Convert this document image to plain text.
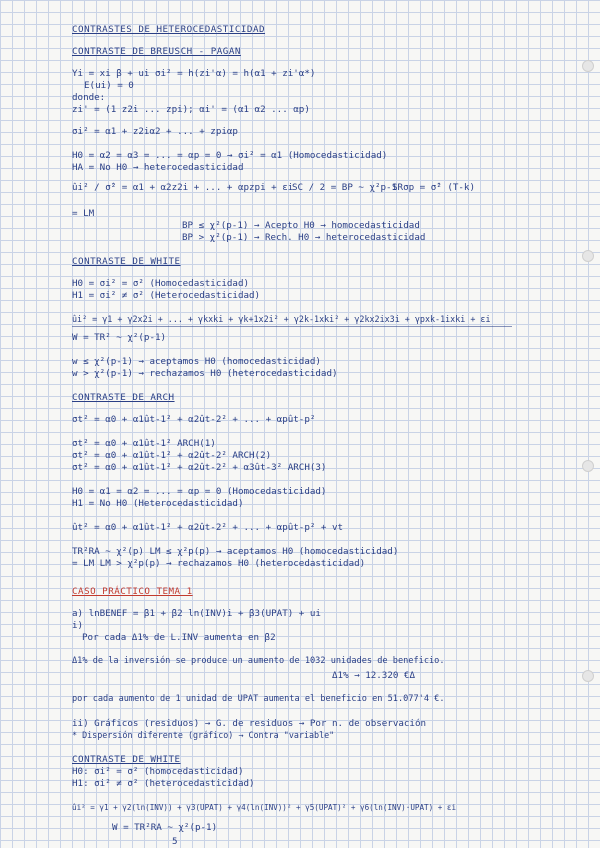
CONTRASTES DE HETEROCEDASTICIDAD
CONTRASTE DE BREUSCH - PAGAN
Yi = xi β + ui σi² = h(zi'α) = h(α1 + zi'α*)
E(ui) = 0
donde:
zi' = (1 z2i ... zpi); αi' = (α1 α2 ... αp)
σi² = α1 + z2iα2 + ... + zpiαp
H0 = α2 = α3 = ... = αp = 0 → σi² = α1 (Homocedasticidad)
HA = No H0 → heterocedasticidad
ûi² / σ̂² = α1 + α2z2i + ... + αpzpi + εi
SC / 2 = BP ~ χ²p-1
SRσp = σ̂² (T-k)
= LM
BP ≤ χ²(p-1) → Acepto H0 → homocedasticidad
BP > χ²(p-1) → Rech. H0 → heterocedasticidad
CONTRASTE DE WHITE
H0 = σi² = σ² (Homocedasticidad)
H1 = σi² ≠ σ² (Heterocedasticidad)
ûi² = γ1 + γ2x2i + ... + γkxki + γk+1x2i² + γ2k-1xki² + γ2kx2ix3i + γpxk-1ixki + εi
W = TR² ~ χ²(p-1)
w ≤ χ²(p-1) → aceptamos H0 (homocedasticidad)
w > χ²(p-1) → rechazamos H0 (heterocedasticidad)
CONTRASTE DE ARCH
σt² = α0 + α1ût-1² + α2ût-2² + ... + αpût-p²
σt² = α0 + α1ût-1² ARCH(1)
σt² = α0 + α1ût-1² + α2ût-2² ARCH(2)
σt² = α0 + α1ût-1² + α2ût-2² + α3ût-3² ARCH(3)
H0 = α1 = α2 = ... = αp = 0 (Homocedasticidad)
H1 = No H0 (Heterocedasticidad)
ût² = α0 + α1ût-1² + α2ût-2² + ... + αpût-p² + vt
TR²RA ~ χ²(p) LM ≤ χ²p(p) → aceptamos H0 (homocedasticidad)
= LM LM > χ²p(p) → rechazamos H0 (heterocedasticidad)
CASO PRÁCTICO TEMA 1
a) lnBENEF = β1 + β2 ln(INV)i + β3(UPAT) + ui
i)
Por cada Δ1% de L.INV aumenta en β2
Δ1% de la inversión se produce un aumento de 1032 unidades de beneficio.
Δ1% → 12.320 €Δ
por cada aumento de 1 unidad de UPAT aumenta el beneficio en 51.077'4 €.
ii) Gráficos (residuos) → G. de residuos → Por n. de observación
* Dispersión diferente (gráfico) → Contra "variable"
CONTRASTE DE WHITE
H0: σi² = σ² (homocedasticidad)
H1: σi² ≠ σ² (heterocedasticidad)
ûi² = γ1 + γ2(ln(INV)) + γ3(UPAT) + γ4(ln(INV))² + γ5(UPAT)² + γ6(ln(INV)·UPAT) + εi
W = TR²RA ~ χ²(p-1)
5
